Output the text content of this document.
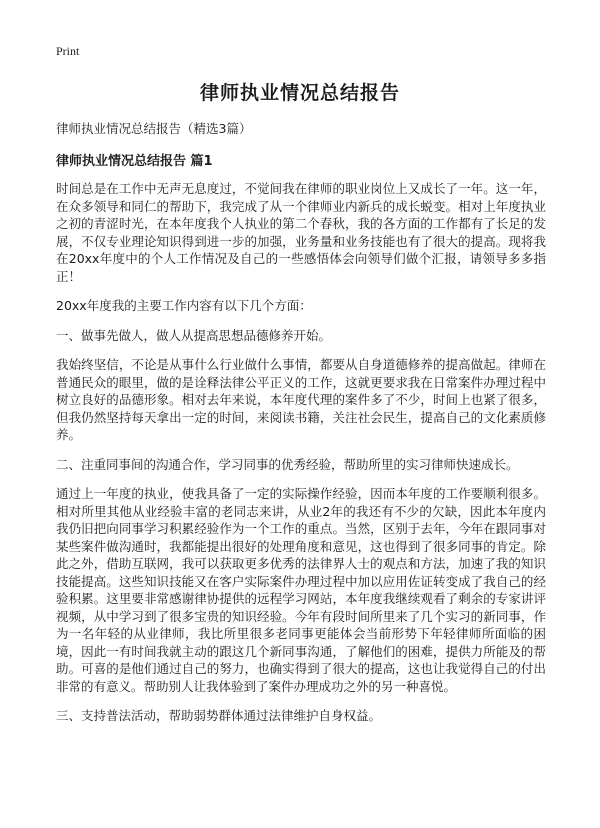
Print
律师执业情况总结报告

律师执业情况总结报告（精选3篇）

律师执业情况总结报告 篇1

时间总是在工作中无声无息度过，不觉间我在律师的职业岗位上又成长了一年。这一年，在众多领导和同仁的帮助下，我完成了从一个律师业内新兵的成长蜕变。相对上年度执业之初的青涩时光，在本年度我个人执业的第二个春秋，我的各方面的工作都有了长足的发展，不仅专业理论知识得到进一步的加强，业务量和业务技能也有了很大的提高。现将我在20xx年度中的个人工作情况及自己的一些感悟体会向领导们做个汇报，请领导多多指正！

20xx年度我的主要工作内容有以下几个方面：

一、做事先做人，做人从提高思想品德修养开始。

我始终坚信，不论是从事什么行业做什么事情，都要从自身道德修养的提高做起。律师在普通民众的眼里，做的是诠释法律公平正义的工作，这就更要求我在日常案件办理过程中树立良好的品德形象。相对去年来说，本年度代理的案件多了不少，时间上也紧了很多，但我仍然坚持每天拿出一定的时间，来阅读书籍，关注社会民生，提高自己的文化素质修养。

二、注重同事间的沟通合作，学习同事的优秀经验，帮助所里的实习律师快速成长。

通过上一年度的执业，使我具备了一定的实际操作经验，因而本年度的工作要顺利很多。相对所里其他从业经验丰富的老同志来讲，从业2年的我还有不少的欠缺，因此本年度内我仍旧把向同事学习积累经验作为一个工作的重点。当然，区别于去年，今年在跟同事对某些案件做沟通时，我都能提出很好的处理角度和意见，这也得到了很多同事的肯定。除此之外，借助互联网，我可以获取更多优秀的法律界人士的观点和方法，加速了我的知识技能提高。这些知识技能又在客户实际案件办理过程中加以应用佐证转变成了我自己的经验积累。这里要非常感谢律协提供的远程学习网站，本年度我继续观看了剩余的专家讲评视频，从中学习到了很多宝贵的知识经验。今年有段时间所里来了几个实习的新同事，作为一名年轻的从业律师，我比所里很多老同事更能体会当前形势下年轻律师所面临的困境，因此一有时间我就主动的跟这几个新同事沟通，了解他们的困难，提供力所能及的帮助。可喜的是他们通过自己的努力，也确实得到了很大的提高，这也让我觉得自己的付出非常的有意义。帮助别人让我体验到了案件办理成功之外的另一种喜悦。

三、支持普法活动，帮助弱势群体通过法律维护自身权益。
